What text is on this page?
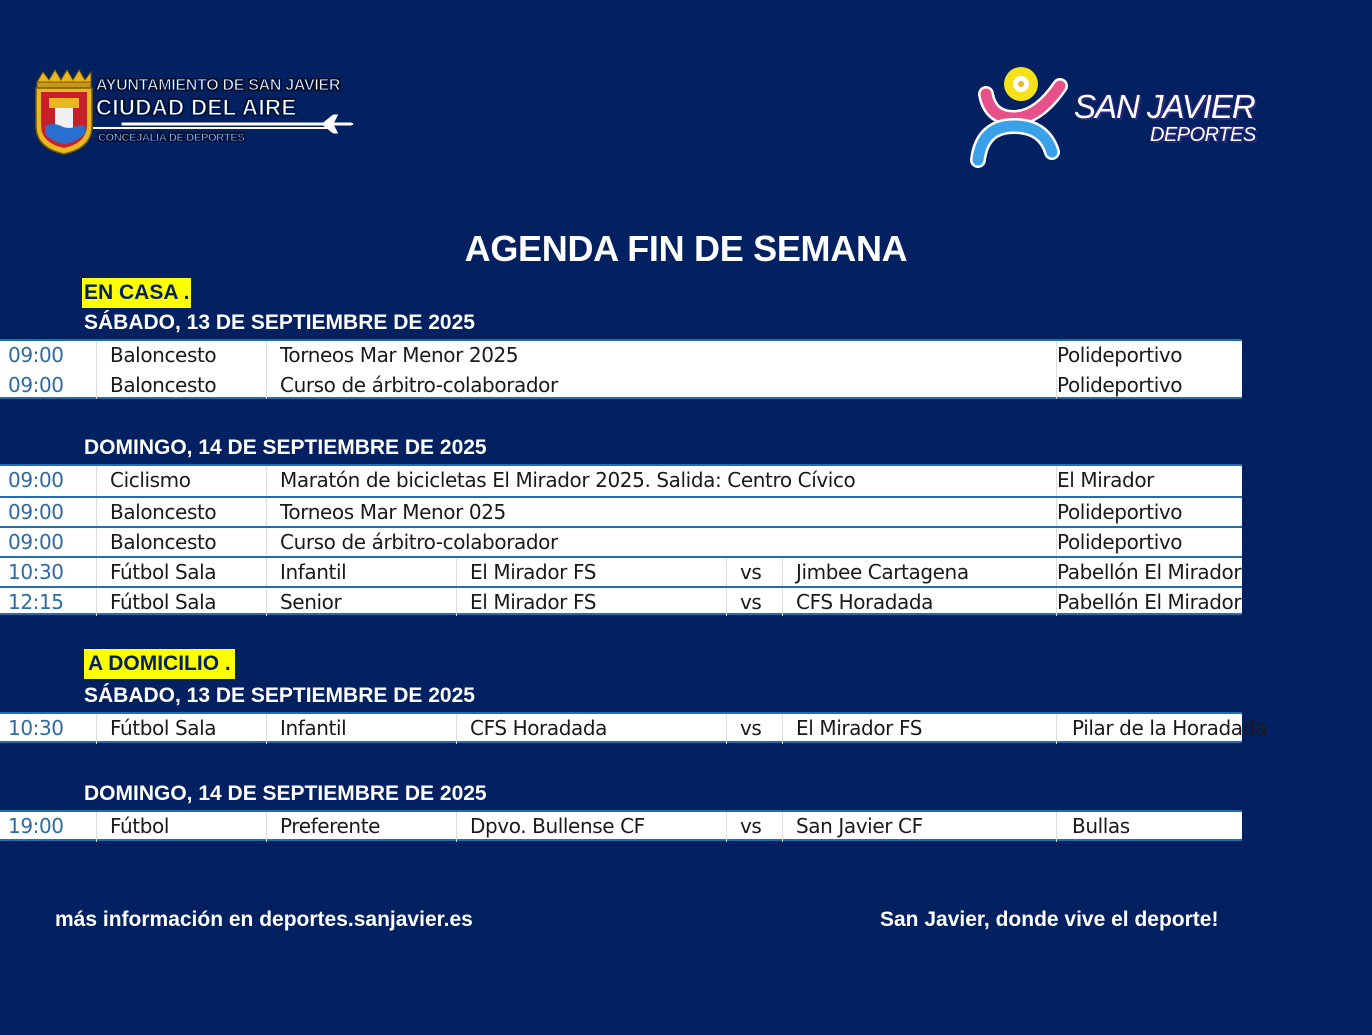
AYUNTAMIENTO DE SAN JAVIER
CIUDAD DEL AIRE
CONCEJALÍA DE DEPORTES
SAN JAVIER
DEPORTES
AGENDA FIN DE SEMANA
EN CASA .
SÁBADO, 13 DE SEPTIEMBRE DE 2025
09:00	Baloncesto	Torneos Mar Menor 2025	Polideportivo
09:00	Baloncesto	Curso de árbitro-colaborador	Polideportivo
DOMINGO, 14 DE SEPTIEMBRE DE 2025
09:00	Ciclismo	Maratón de bicicletas El Mirador 2025. Salida: Centro Cívico	El Mirador
09:00	Baloncesto	Torneos Mar Menor 025	Polideportivo
09:00	Baloncesto	Curso de árbitro-colaborador	Polideportivo
10:30	Fútbol Sala	Infantil	El Mirador FS	vs	Jimbee Cartagena	Pabellón El Mirador
12:15	Fútbol Sala	Senior	El Mirador FS	vs	CFS Horadada	Pabellón El Mirador
A DOMICILIO .
SÁBADO, 13 DE SEPTIEMBRE DE 2025
10:30	Fútbol Sala	Infantil	CFS Horadada	vs	El Mirador FS	Pilar de la Horadada
DOMINGO, 14 DE SEPTIEMBRE DE 2025
19:00	Fútbol	Preferente	Dpvo. Bullense CF	vs	San Javier CF	Bullas
más información en deportes.sanjavier.es	San Javier, donde vive el deporte!
